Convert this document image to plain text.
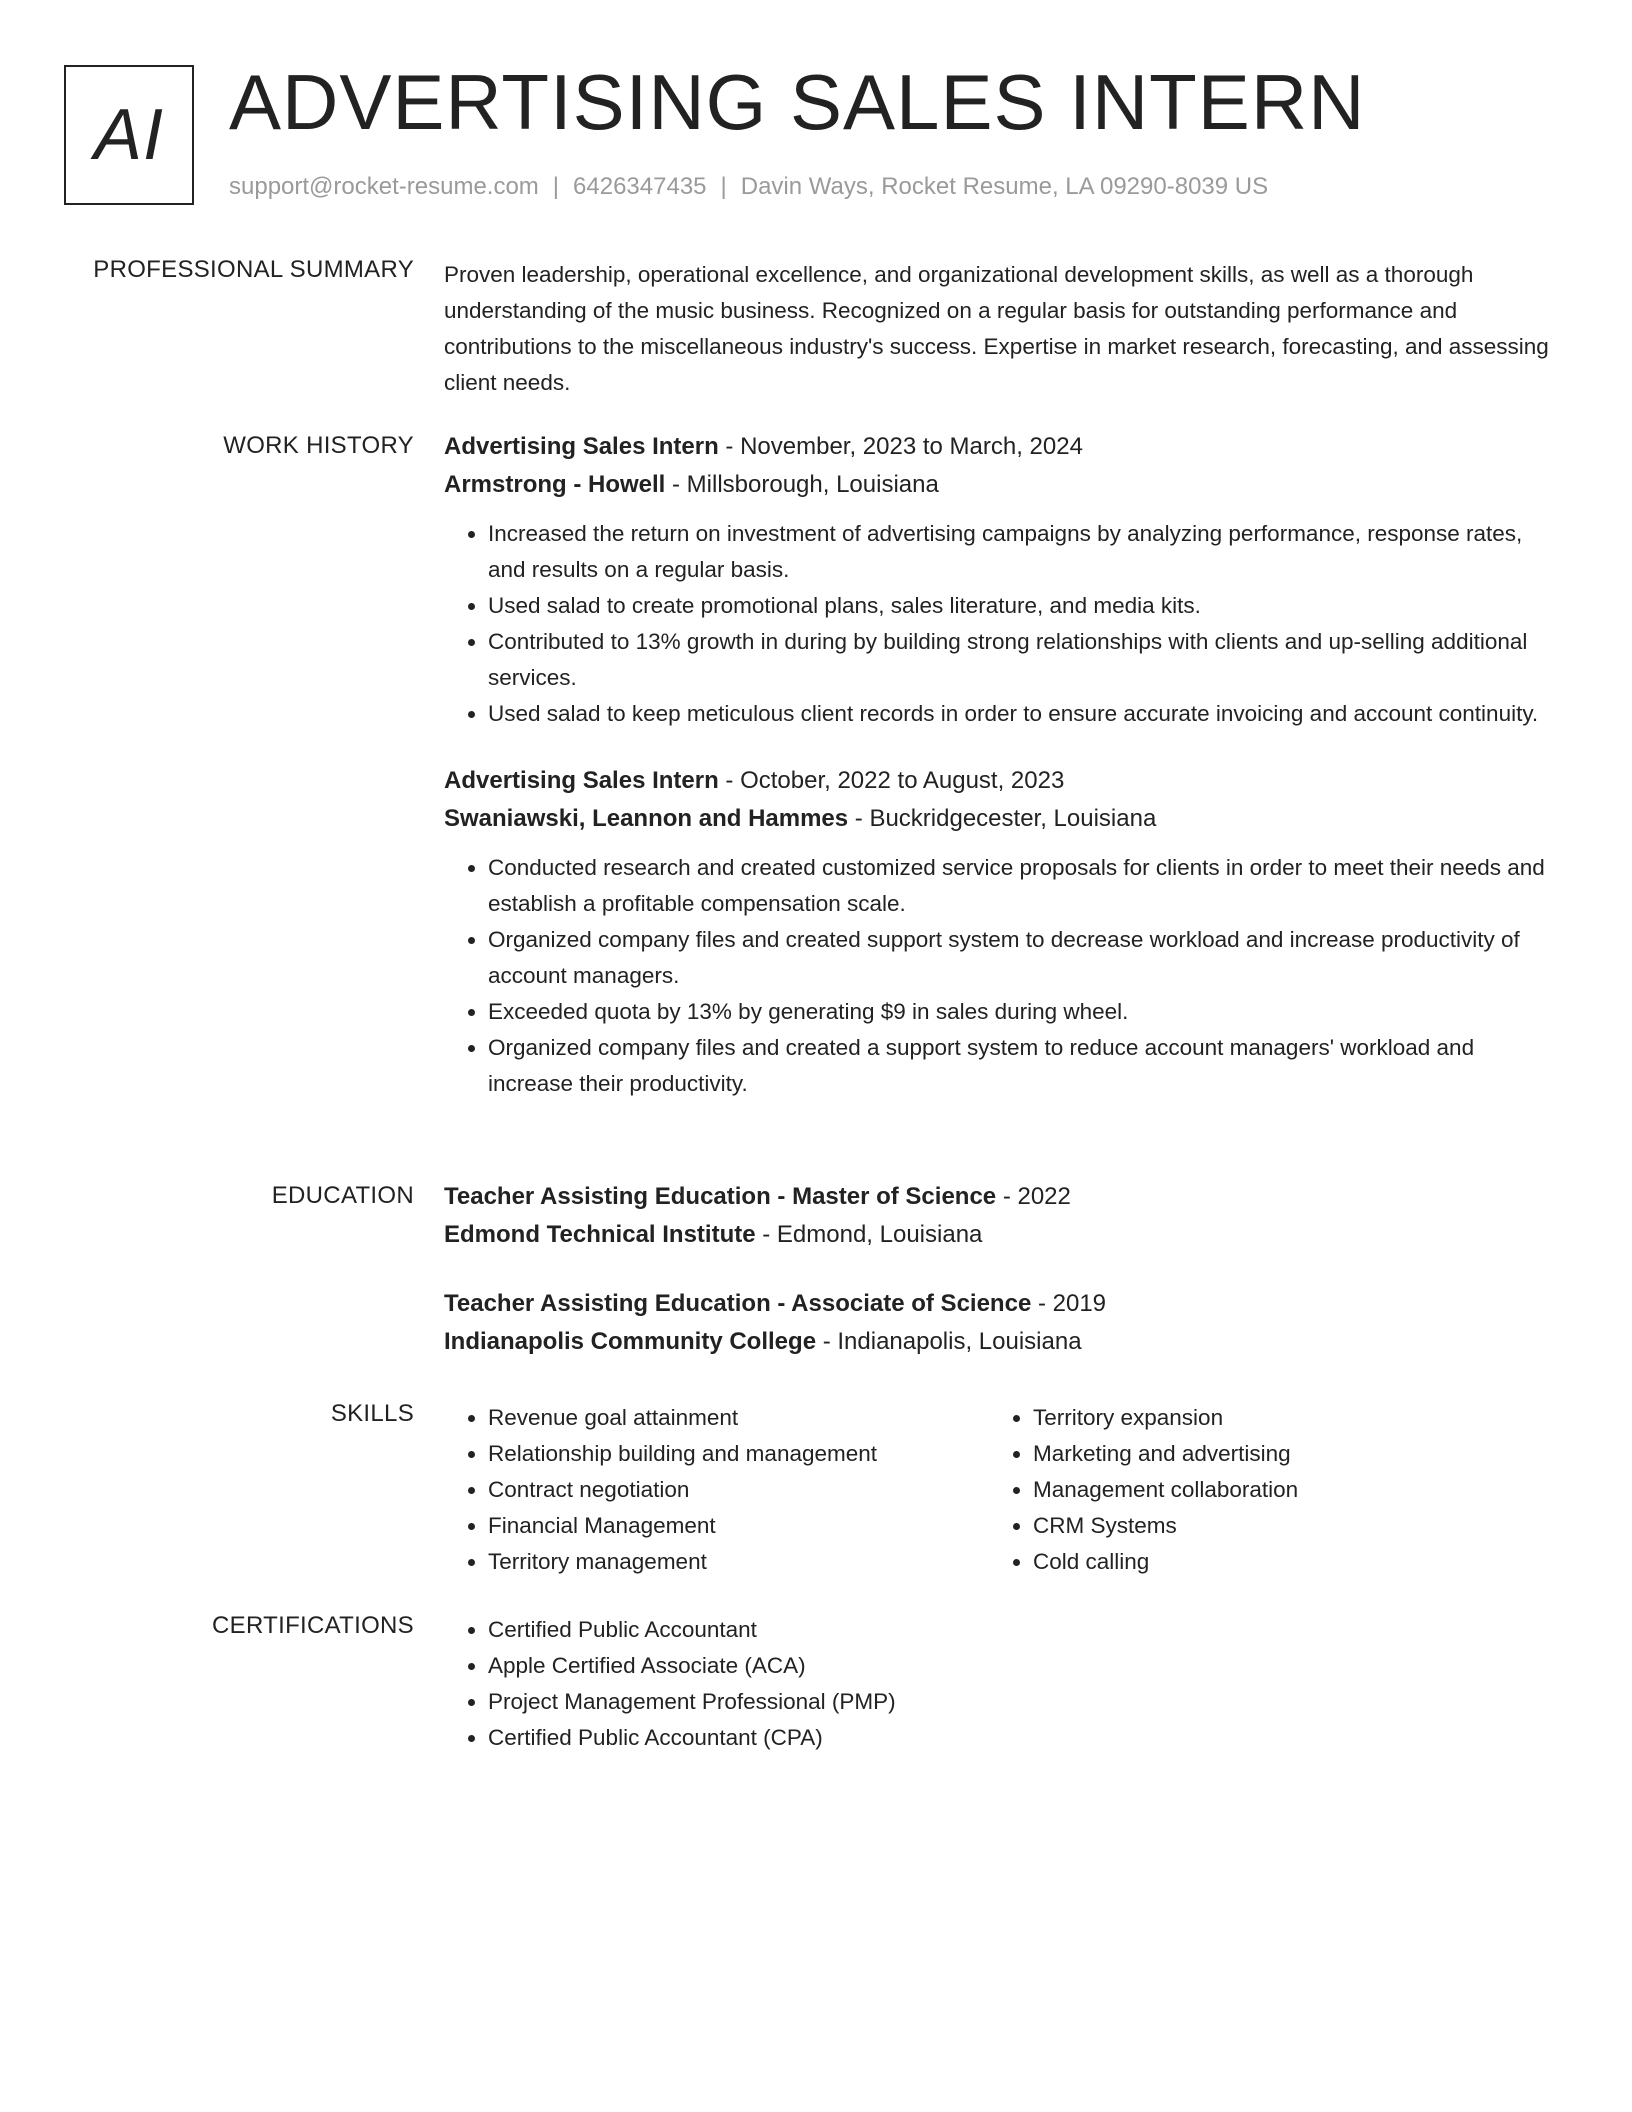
AI ADVERTISING SALES INTERN
support@rocket-resume.com | 6426347435 | Davin Ways, Rocket Resume, LA 09290-8039 US
PROFESSIONAL SUMMARY Proven leadership, operational excellence, and organizational development skills, as well as a thorough understanding of the music business. Recognized on a regular basis for outstanding performance and contributions to the miscellaneous industry's success. Expertise in market research, forecasting, and assessing client needs.

WORK HISTORY Advertising Sales Intern - November, 2023 to March, 2024
Armstrong - Howell - Millsborough, Louisiana
• Increased the return on investment of advertising campaigns by analyzing performance, response rates, and results on a regular basis.
• Used salad to create promotional plans, sales literature, and media kits.
• Contributed to 13% growth in during by building strong relationships with clients and up-selling additional services.
• Used salad to keep meticulous client records in order to ensure accurate invoicing and account continuity.
Advertising Sales Intern - October, 2022 to August, 2023
Swaniawski, Leannon and Hammes - Buckridgecester, Louisiana
• Conducted research and created customized service proposals for clients in order to meet their needs and establish a profitable compensation scale.
• Organized company files and created support system to decrease workload and increase productivity of account managers.
• Exceeded quota by 13% by generating $9 in sales during wheel.
• Organized company files and created a support system to reduce account managers' workload and increase their productivity.
EDUCATION Teacher Assisting Education - Master of Science - 2022
Edmond Technical Institute - Edmond, Louisiana
Teacher Assisting Education - Associate of Science - 2019
Indianapolis Community College - Indianapolis, Louisiana
SKILLS	• Revenue goal attainment
• Relationship building and management
• Contract negotiation
• Financial Management
• Territory management
• Territory expansion
• Marketing and advertising
• Management collaboration
• CRM Systems
• Cold calling
CERTIFICATIONS	• Certified Public Accountant
• Apple Certified Associate (ACA)
• Project Management Professional (PMP)
• Certified Public Accountant (CPA)
